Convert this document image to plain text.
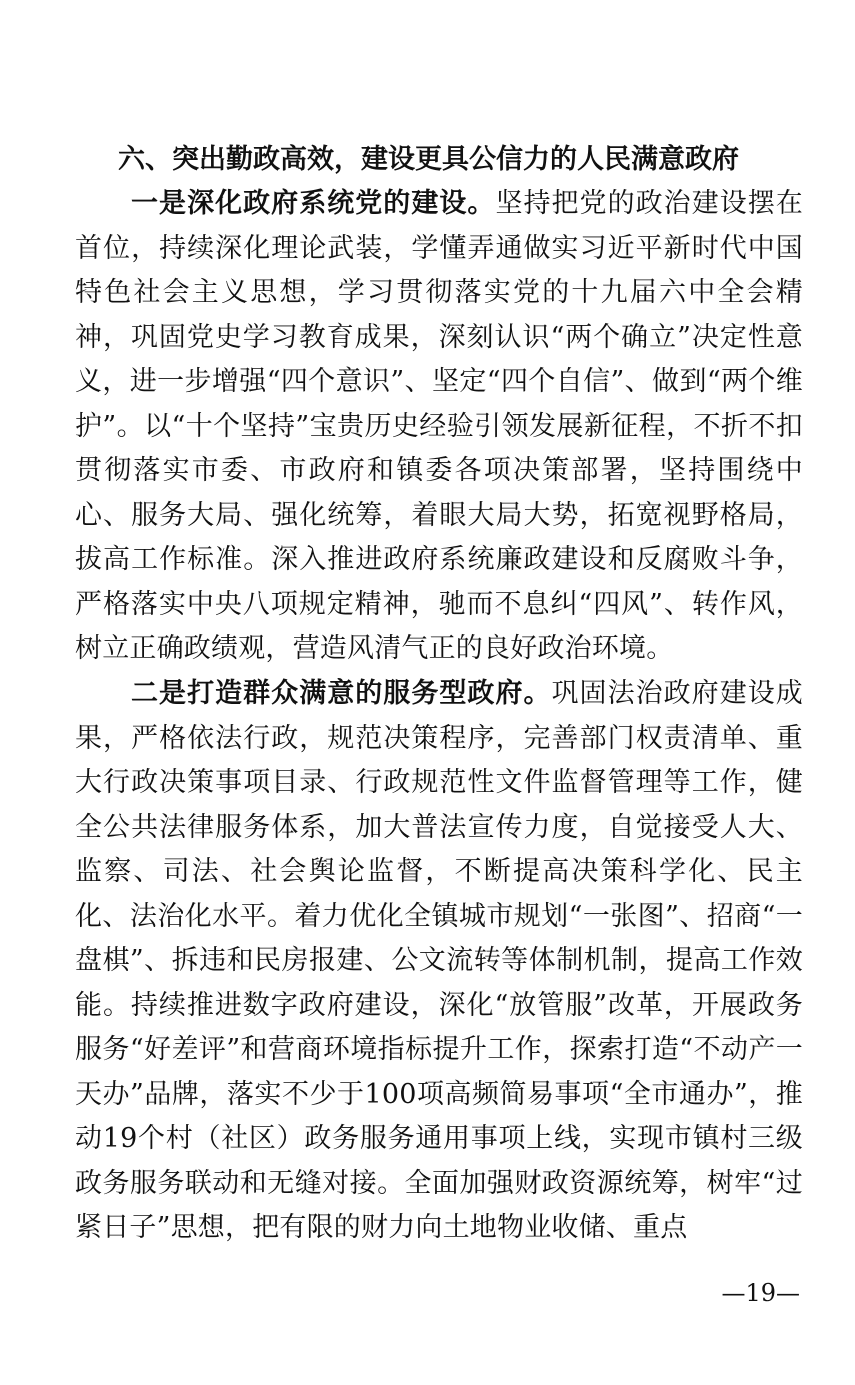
六、突出勤政高效，建设更具公信力的人民满意政府

一是深化政府系统党的建设。坚持把党的政治建设摆在首位，持续深化理论武装，学懂弄通做实习近平新时代中国特色社会主义思想，学习贯彻落实党的十九届六中全会精神，巩固党史学习教育成果，深刻认识“两个确立”决定性意义，进一步增强“四个意识”、坚定“四个自信”、做到“两个维护”。以“十个坚持”宝贵历史经验引领发展新征程，不折不扣贯彻落实市委、市政府和镇委各项决策部署，坚持围绕中心、服务大局、强化统筹，着眼大局大势，拓宽视野格局，拔高工作标准。深入推进政府系统廉政建设和反腐败斗争，严格落实中央八项规定精神，驰而不息纠“四风”、转作风，树立正确政绩观，营造风清气正的良好政治环境。

二是打造群众满意的服务型政府。巩固法治政府建设成果，严格依法行政，规范决策程序，完善部门权责清单、重大行政决策事项目录、行政规范性文件监督管理等工作，健全公共法律服务体系，加大普法宣传力度，自觉接受人大、监察、司法、社会舆论监督，不断提高决策科学化、民主化、法治化水平。着力优化全镇城市规划“一张图”、招商“一盘棋”、拆违和民房报建、公文流转等体制机制，提高工作效能。持续推进数字政府建设，深化“放管服”改革，开展政务服务“好差评”和营商环境指标提升工作，探索打造“不动产一天办”品牌，落实不少于100项高频简易事项“全市通办”，推动19个村（社区）政务服务通用事项上线，实现市镇村三级政务服务联动和无缝对接。全面加强财政资源统筹，树牢“过紧日子”思想，把有限的财力向土地物业收储、重点

—19—
